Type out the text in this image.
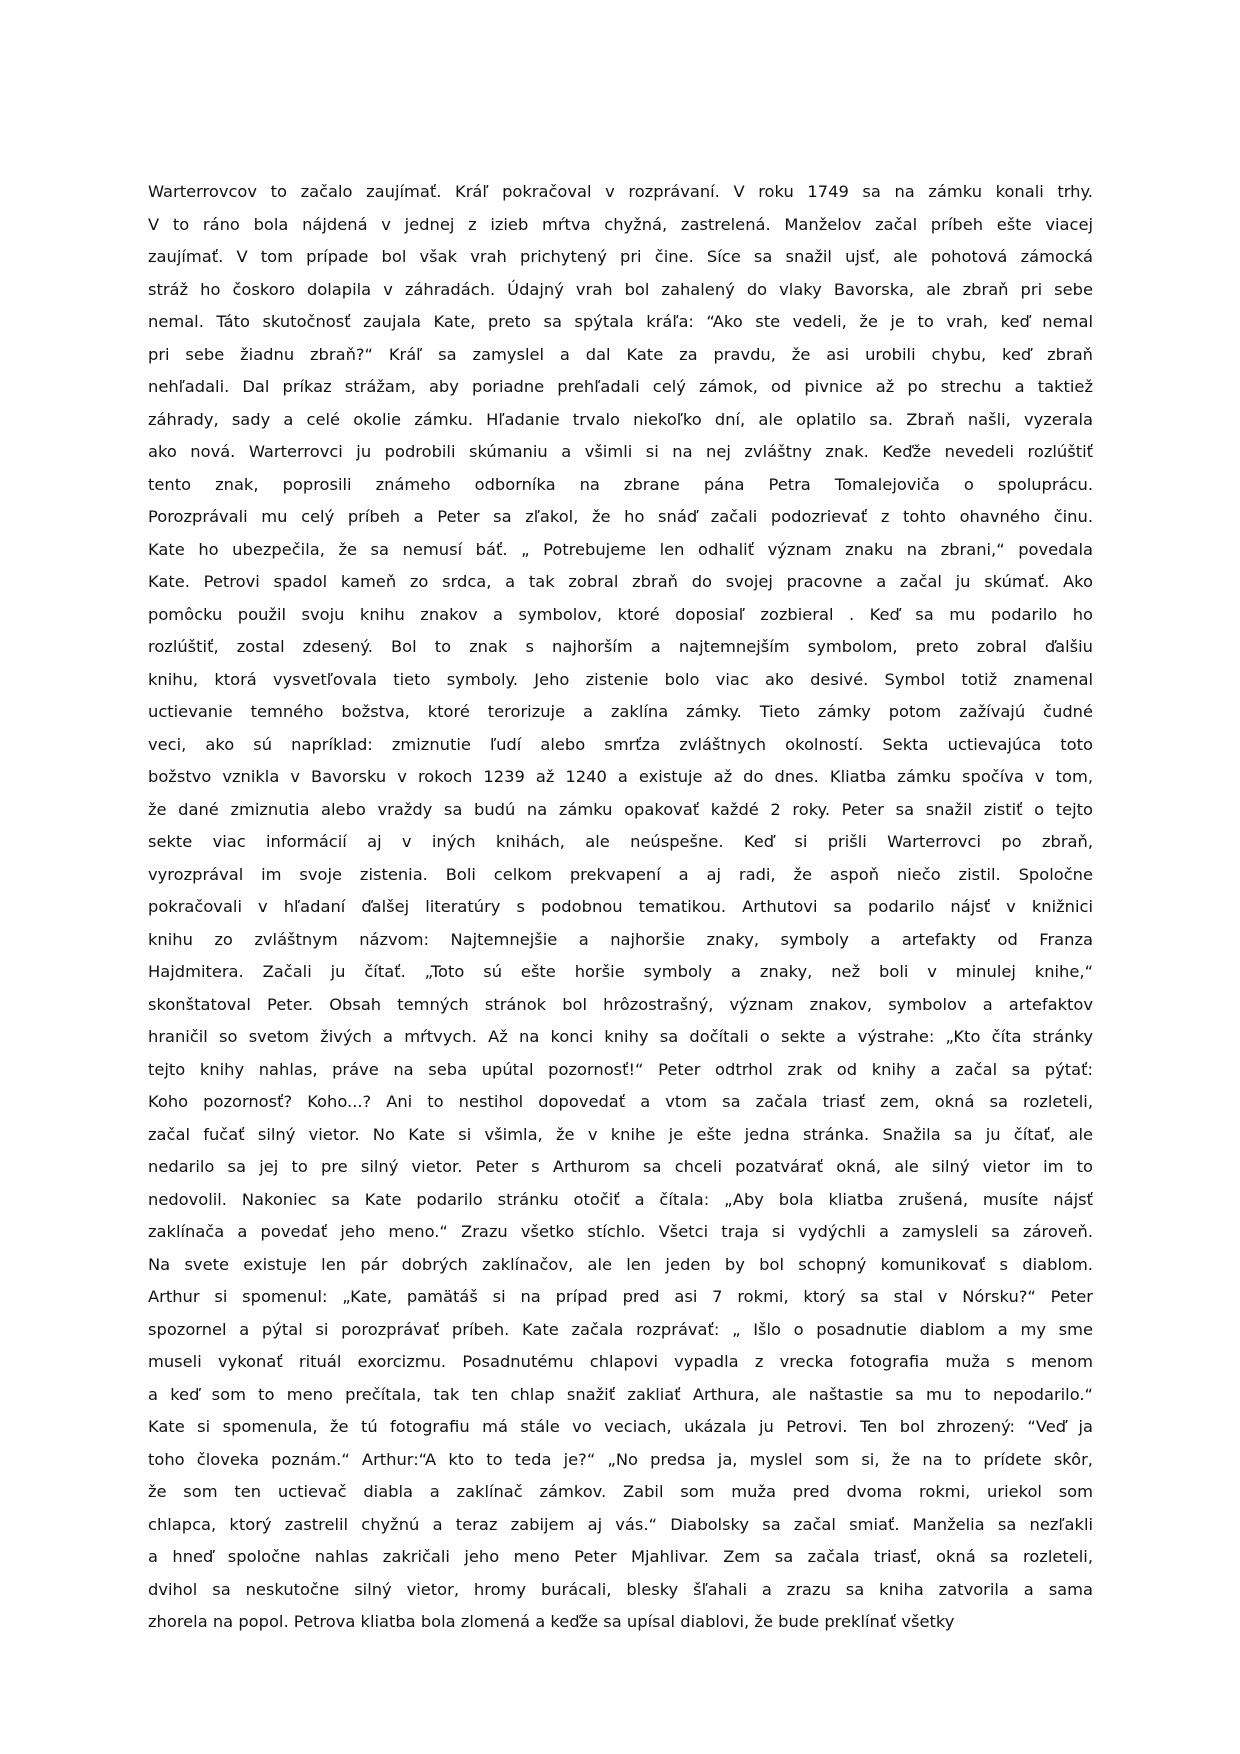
Warterrovcov to začalo zaujímať. Kráľ pokračoval v rozprávaní. V roku 1749 sa na zámku konali trhy.
V to ráno bola nájdená v jednej z izieb mŕtva chyžná, zastrelená. Manželov začal príbeh ešte viacej
zaujímať. V tom prípade bol však vrah prichytený pri čine. Síce sa snažil ujsť, ale pohotová zámocká
stráž ho čoskoro dolapila v záhradách. Údajný vrah bol zahalený do vlaky Bavorska, ale zbraň pri sebe
nemal. Táto skutočnosť zaujala Kate, preto sa spýtala kráľa: “Ako ste vedeli, že je to vrah, keď nemal
pri sebe žiadnu zbraň?“ Kráľ sa zamyslel a dal Kate za pravdu, že asi urobili chybu, keď zbraň
nehľadali. Dal príkaz strážam, aby poriadne prehľadali celý zámok, od pivnice až po strechu a taktiež
záhrady, sady a celé okolie zámku. Hľadanie trvalo niekoľko dní, ale oplatilo sa. Zbraň našli, vyzerala
ako nová. Warterrovci ju podrobili skúmaniu a všimli si na nej zvláštny znak. Keďže nevedeli rozlúštiť
tento znak, poprosili známeho odborníka na zbrane pána Petra Tomalejoviča o spoluprácu.
Porozprávali mu celý príbeh a Peter sa zľakol, že ho snáď začali podozrievať z tohto ohavného činu.
Kate ho ubezpečila, že sa nemusí báť. „ Potrebujeme len odhaliť význam znaku na zbrani,“ povedala
Kate. Petrovi spadol kameň zo srdca, a tak zobral zbraň do svojej pracovne a začal ju skúmať. Ako
pomôcku použil svoju knihu znakov a symbolov, ktoré doposiaľ zozbieral . Keď sa mu podarilo ho
rozlúštiť, zostal zdesený. Bol to znak s najhorším a najtemnejším symbolom, preto zobral ďalšiu
knihu, ktorá vysvetľovala tieto symboly. Jeho zistenie bolo viac ako desivé. Symbol totiž znamenal
uctievanie temného božstva, ktoré terorizuje a zaklína zámky. Tieto zámky potom zažívajú čudné
veci, ako sú napríklad: zmiznutie ľudí alebo smrťza zvláštnych okolností. Sekta uctievajúca toto
božstvo vznikla v Bavorsku v rokoch 1239 až 1240 a existuje až do dnes. Kliatba zámku spočíva v tom,
že dané zmiznutia alebo vraždy sa budú na zámku opakovať každé 2 roky. Peter sa snažil zistiť o tejto
sekte viac informácií aj v iných knihách, ale neúspešne. Keď si prišli Warterrovci po zbraň,
vyrozprával im svoje zistenia. Boli celkom prekvapení a aj radi, že aspoň niečo zistil. Spoločne
pokračovali v hľadaní ďalšej literatúry s podobnou tematikou. Arthutovi sa podarilo nájsť v knižnici
knihu zo zvláštnym názvom: Najtemnejšie a najhoršie znaky, symboly a artefakty od Franza
Hajdmitera. Začali ju čítať. „Toto sú ešte horšie symboly a znaky, než boli v minulej knihe,“
skonštatoval Peter. Obsah temných stránok bol hrôzostrašný, význam znakov, symbolov a artefaktov
hraničil so svetom živých a mŕtvych. Až na konci knihy sa dočítali o sekte a výstrahe: „Kto číta stránky
tejto knihy nahlas, práve na seba upútal pozornosť!“ Peter odtrhol zrak od knihy a začal sa pýtať:
Koho pozornosť? Koho...? Ani to nestihol dopovedať a vtom sa začala triasť zem, okná sa rozleteli,
začal fučať silný vietor. No Kate si všimla, že v knihe je ešte jedna stránka. Snažila sa ju čítať, ale
nedarilo sa jej to pre silný vietor. Peter s Arthurom sa chceli pozatvárať okná, ale silný vietor im to
nedovolil. Nakoniec sa Kate podarilo stránku otočiť a čítala: „Aby bola kliatba zrušená, musíte nájsť
zaklínača a povedať jeho meno.“ Zrazu všetko stíchlo. Všetci traja si vydýchli a zamysleli sa zároveň.
Na svete existuje len pár dobrých zaklínačov, ale len jeden by bol schopný komunikovať s diablom.
Arthur si spomenul: „Kate, pamätáš si na prípad pred asi 7 rokmi, ktorý sa stal v Nórsku?“ Peter
spozornel a pýtal si porozprávať príbeh. Kate začala rozprávať: „ Išlo o posadnutie diablom a my sme
museli vykonať rituál exorcizmu. Posadnutému chlapovi vypadla z vrecka fotografia muža s menom
a keď som to meno prečítala, tak ten chlap snažiť zakliať Arthura, ale naštastie sa mu to nepodarilo.“
Kate si spomenula, že tú fotografiu má stále vo veciach, ukázala ju Petrovi. Ten bol zhrozený: “Veď ja
toho človeka poznám.“ Arthur:“A kto to teda je?“ „No predsa ja, myslel som si, že na to prídete skôr,
že som ten uctievač diabla a zaklínač zámkov. Zabil som muža pred dvoma rokmi, uriekol som
chlapca, ktorý zastrelil chyžnú a teraz zabijem aj vás.“ Diabolsky sa začal smiať. Manželia sa nezľakli
a hneď spoločne nahlas zakričali jeho meno Peter Mjahlivar. Zem sa začala triasť, okná sa rozleteli,
dvihol sa neskutočne silný vietor, hromy burácali, blesky šľahali a zrazu sa kniha zatvorila a sama
zhorela na popol. Petrova kliatba bola zlomená a keďže sa upísal diablovi, že bude preklínať všetky
